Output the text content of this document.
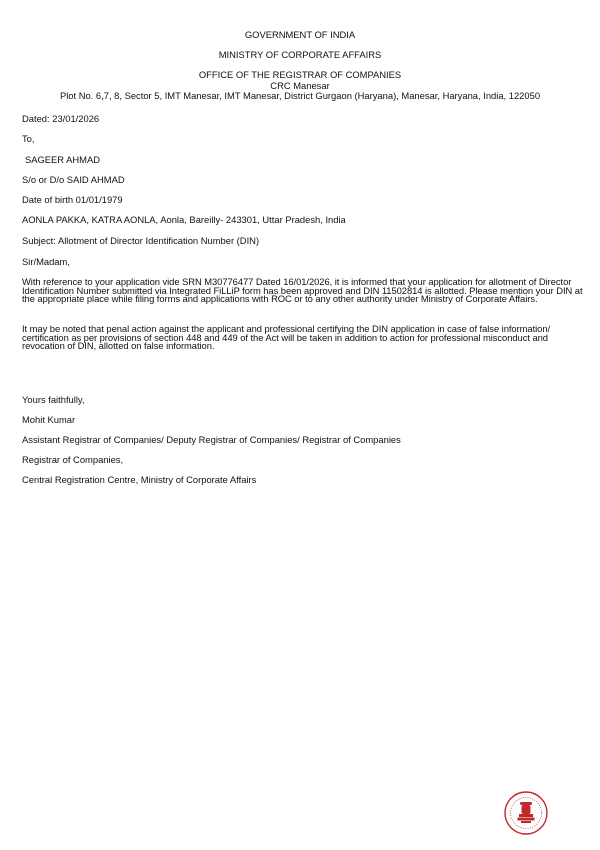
GOVERNMENT OF INDIA
MINISTRY OF CORPORATE AFFAIRS
OFFICE OF THE REGISTRAR OF COMPANIES
CRC Manesar
Plot No. 6,7, 8, Sector 5, IMT Manesar, IMT Manesar, District Gurgaon (Haryana), Manesar, Haryana, India, 122050
Dated: 23/01/2026
To,
SAGEER AHMAD
S/o or D/o SAID AHMAD
Date of birth 01/01/1979
AONLA PAKKA, KATRA AONLA, Aonla, Bareilly- 243301, Uttar Pradesh, India
Subject: Allotment of Director Identification Number (DIN)
Sir/Madam,
With reference to your application vide SRN M30776477 Dated 16/01/2026, it is informed that your application for allotment of Director Identification Number submitted via Integrated FiLLiP form has been approved and DIN 11502814 is allotted. Please mention your DIN at the appropriate place while filing forms and applications with ROC or to any other authority under Ministry of Corporate Affairs.
It may be noted that penal action against the applicant and professional certifying the DIN application in case of false information/ certification as per provisions of section 448 and 449 of the Act will be taken in addition to action for professional misconduct and revocation of DIN, allotted on false information.
Yours faithfully,
Mohit Kumar
Assistant Registrar of Companies/ Deputy Registrar of Companies/ Registrar of Companies
Registrar of Companies,
Central Registration Centre, Ministry of Corporate Affairs
